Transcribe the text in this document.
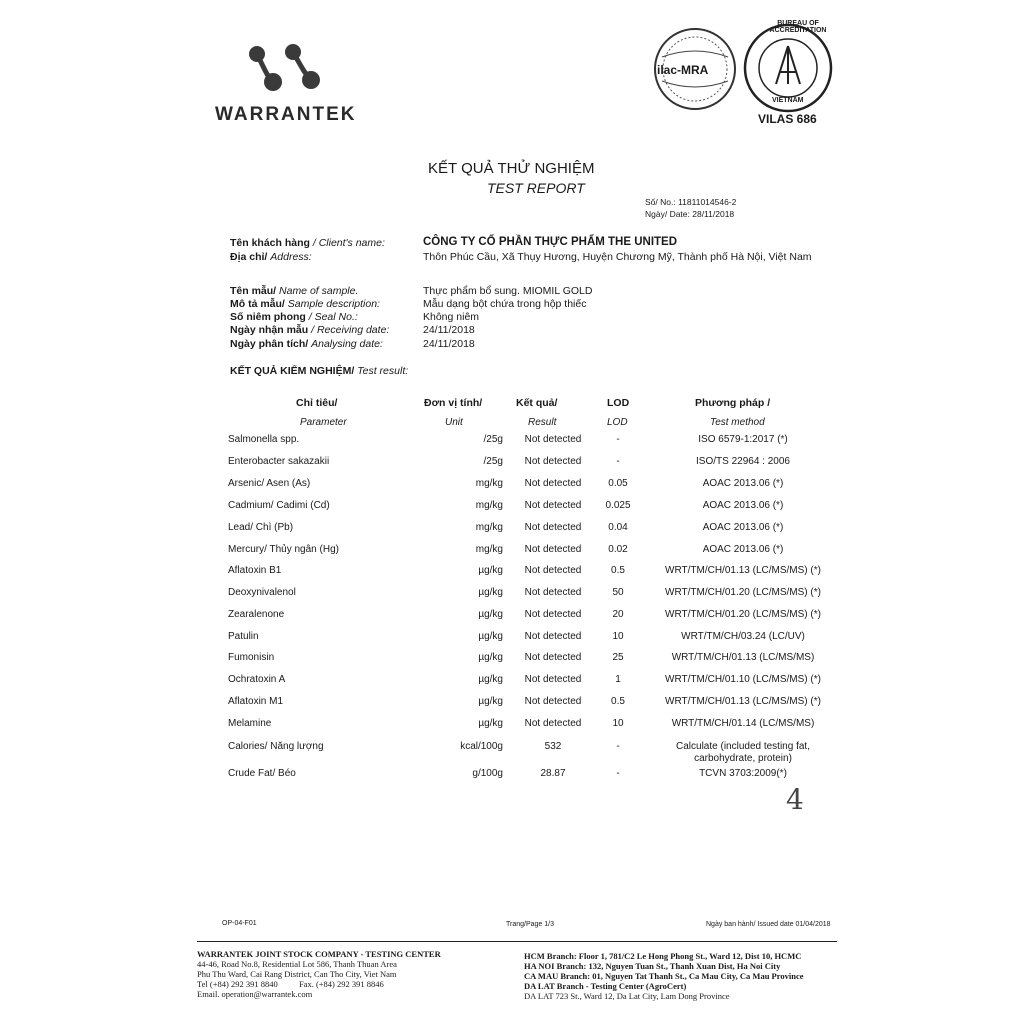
WARRANTEK
ilac-MRA
BUREAU OF ACCREDITATION
VIETNAM
VILAS 686
KẾT QUẢ THỬ NGHIỆM
TEST REPORT
Số/ No.: 11811014546-2
Ngày/ Date: 28/11/2018
Tên khách hàng / Client's name:	CÔNG TY CỔ PHẦN THỰC PHẨM THE UNITED
Địa chỉ/ Address:	Thôn Phúc Cầu, Xã Thụy Hương, Huyện Chương Mỹ, Thành phố Hà Nội, Việt Nam
Tên mẫu/ Name of sample.	Thực phẩm bổ sung. MIOMIL GOLD
Mô tả mẫu/ Sample description:	Mẫu dạng bột chứa trong hộp thiếc
Số niêm phong / Seal No.:	Không niêm
Ngày nhận mẫu / Receiving date:	24/11/2018
Ngày phân tích/ Analysing date:	24/11/2018
KẾT QUẢ KIỂM NGHIỆM/ Test result:
Chỉ tiêu/	Đơn vị tính/	Kết quả/	LOD	Phương pháp /
Parameter	Unit	Result	LOD	Test method
Salmonella spp.	/25g	Not detected	-	ISO 6579-1:2017 (*)
Enterobacter sakazakii	/25g	Not detected	-	ISO/TS 22964 : 2006
Arsenic/ Asen (As)	mg/kg	Not detected	0.05	AOAC 2013.06 (*)
Cadmium/ Cadimi (Cd)	mg/kg	Not detected	0.025	AOAC 2013.06 (*)
Lead/ Chì (Pb)	mg/kg	Not detected	0.04	AOAC 2013.06 (*)
Mercury/ Thủy ngân (Hg)	mg/kg	Not detected	0.02	AOAC 2013.06 (*)
Aflatoxin B1	µg/kg	Not detected	0.5	WRT/TM/CH/01.13 (LC/MS/MS) (*)
Deoxynivalenol	µg/kg	Not detected	50	WRT/TM/CH/01.20 (LC/MS/MS) (*)
Zearalenone	µg/kg	Not detected	20	WRT/TM/CH/01.20 (LC/MS/MS) (*)
Patulin	µg/kg	Not detected	10	WRT/TM/CH/03.24 (LC/UV)
Fumonisin	µg/kg	Not detected	25	WRT/TM/CH/01.13 (LC/MS/MS)
Ochratoxin A	µg/kg	Not detected	1	WRT/TM/CH/01.10 (LC/MS/MS) (*)
Aflatoxin M1	µg/kg	Not detected	0.5	WRT/TM/CH/01.13 (LC/MS/MS) (*)
Melamine	µg/kg	Not detected	10	WRT/TM/CH/01.14 (LC/MS/MS)
Calories/ Năng lượng	kcal/100g	532	-	Calculate (included testing fat, carbohydrate, protein)
Crude Fat/ Béo	g/100g	28.87	-	TCVN 3703:2009(*)
4
OP-04-F01	Trang/Page 1/3	Ngày ban hành/ Issued date 01/04/2018
WARRANTEK JOINT STOCK COMPANY - TESTING CENTER
44-46, Road No.8, Residential Lot 586, Thanh Thuan Area
Phu Thu Ward, Cai Rang District, Can Tho City, Viet Nam
Tel (+84) 292 391 8840          Fax. (+84) 292 391 8846
Email. operation@warrantek.com
HCM Branch: Floor 1, 781/C2 Le Hong Phong St., Ward 12, Dist 10, HCMC
HA NOI Branch: 132, Nguyen Tuan St., Thanh Xuan Dist, Ha Noi City
CA MAU Branch: 01, Nguyen Tat Thanh St., Ca Mau City, Ca Mau Province
DA LAT Branch - Testing Center (AgroCert)
DA LAT 723 St., Ward 12, Da Lat City, Lam Dong Province
